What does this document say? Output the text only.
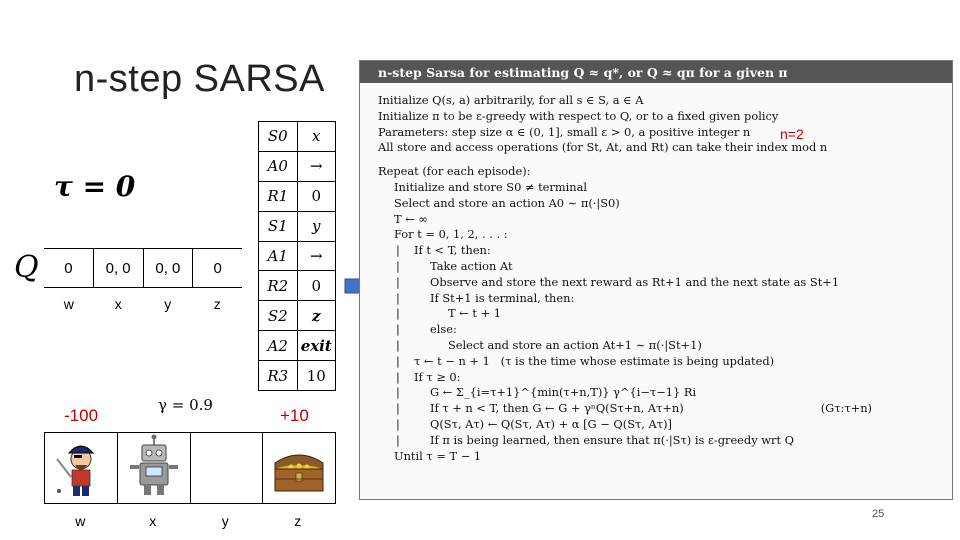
n-step SARSA
τ = 0
Q	0	0, 0	0, 0	0
w	x	y	z
γ = 0.9
-100	+10
w	x	y	z
S0	x
A0	→
R1	0
S1	y
A1	→
R2	0
S2	z
A2 exit
R3	10
n-step Sarsa for estimating Q ≈ q*, or Q ≈ qπ for a given π
Initialize Q(s, a) arbitrarily, for all s ∈ S, a ∈ A
Initialize π to be ε-greedy with respect to Q, or to a fixed given policy
Parameters: step size α ∈ (0, 1], small ε > 0, a positive integer n
All store and access operations (for St, At, and Rt) can take their index mod n
Repeat (for each episode):
Initialize and store S0 ≠ terminal
Select and store an action A0 ∼ π(·|S0)
T ← ∞
For t = 0, 1, 2, . . . :
| If t < T, then:
|	Take action At
|	Observe and store the next reward as Rt+1 and the next state as St+1
|	If St+1 is terminal, then:
|	T ← t + 1
|	else:
|	Select and store an action At+1 ∼ π(·|St+1)
| τ ← t − n + 1   (τ is the time whose estimate is being updated)
| If τ ≥ 0:
|	G ← Σ_{i=τ+1}^{min(τ+n,T)} γ^{i−τ−1} Ri
|	If τ + n < T, then G ← G + γⁿQ(Sτ+n, Aτ+n)	(Gτ:τ+n)
|	Q(Sτ, Aτ) ← Q(Sτ, Aτ) + α [G − Q(Sτ, Aτ)]
|	If π is being learned, then ensure that π(·|Sτ) is ε-greedy wrt Q
Until τ = T − 1
n=2
25
